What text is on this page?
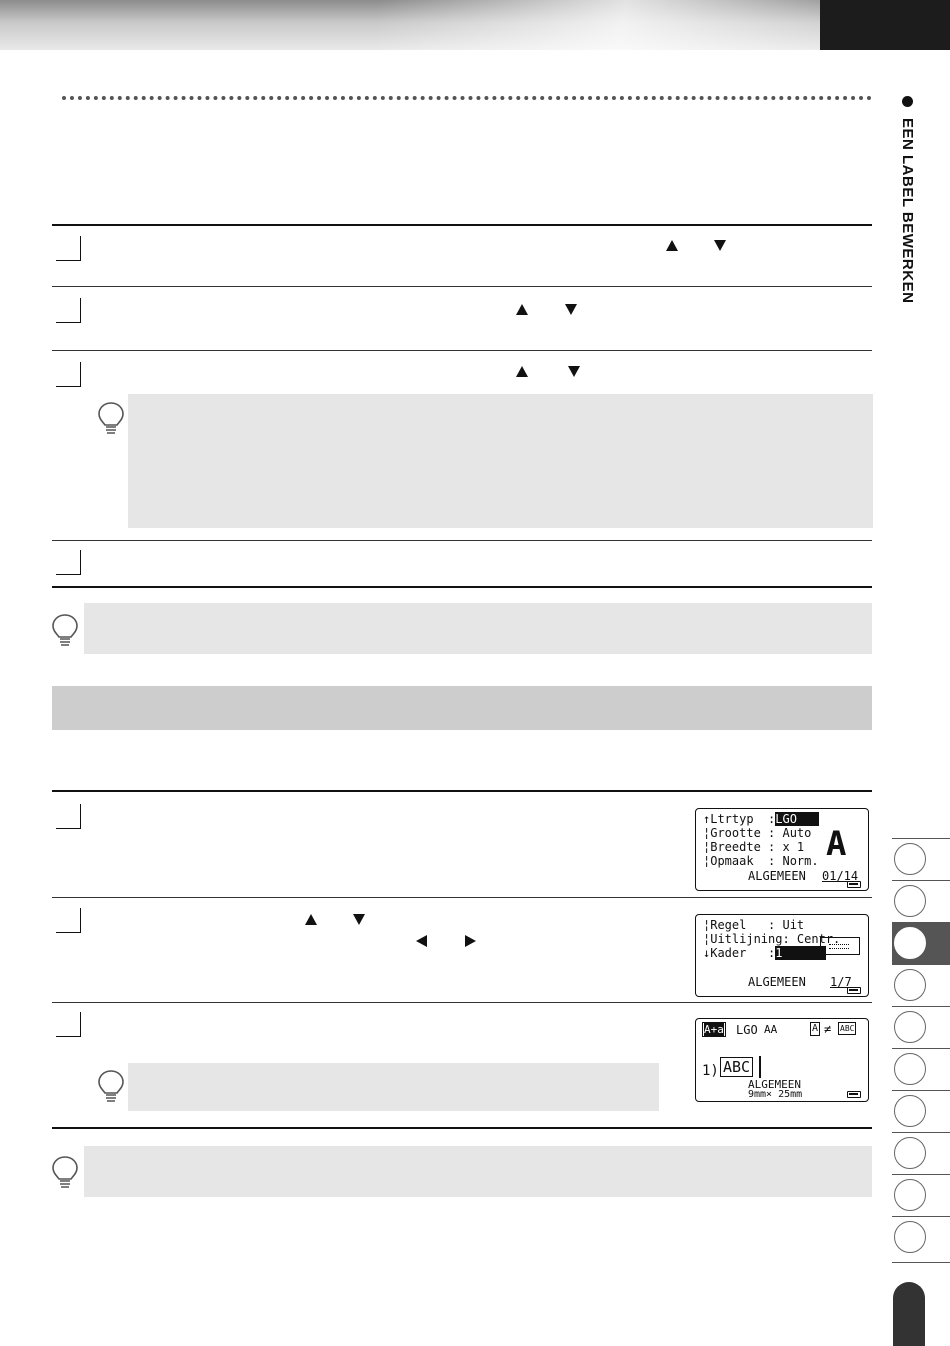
EEN LABEL BEWERKEN
↑Ltrtyp  :LGO
¦Grootte : Auto
¦Breedte : x 1
¦Opmaak  : Norm. A
ALGEMEEN 01/14
¦Regel   : Uit
¦Uitlijning: Centr.
↓Kader   :1
ALGEMEEN 1/7
A+a LGO AA	A ≠ ABC
1) ABC
ALGEMEEN
9mm× 25mm
